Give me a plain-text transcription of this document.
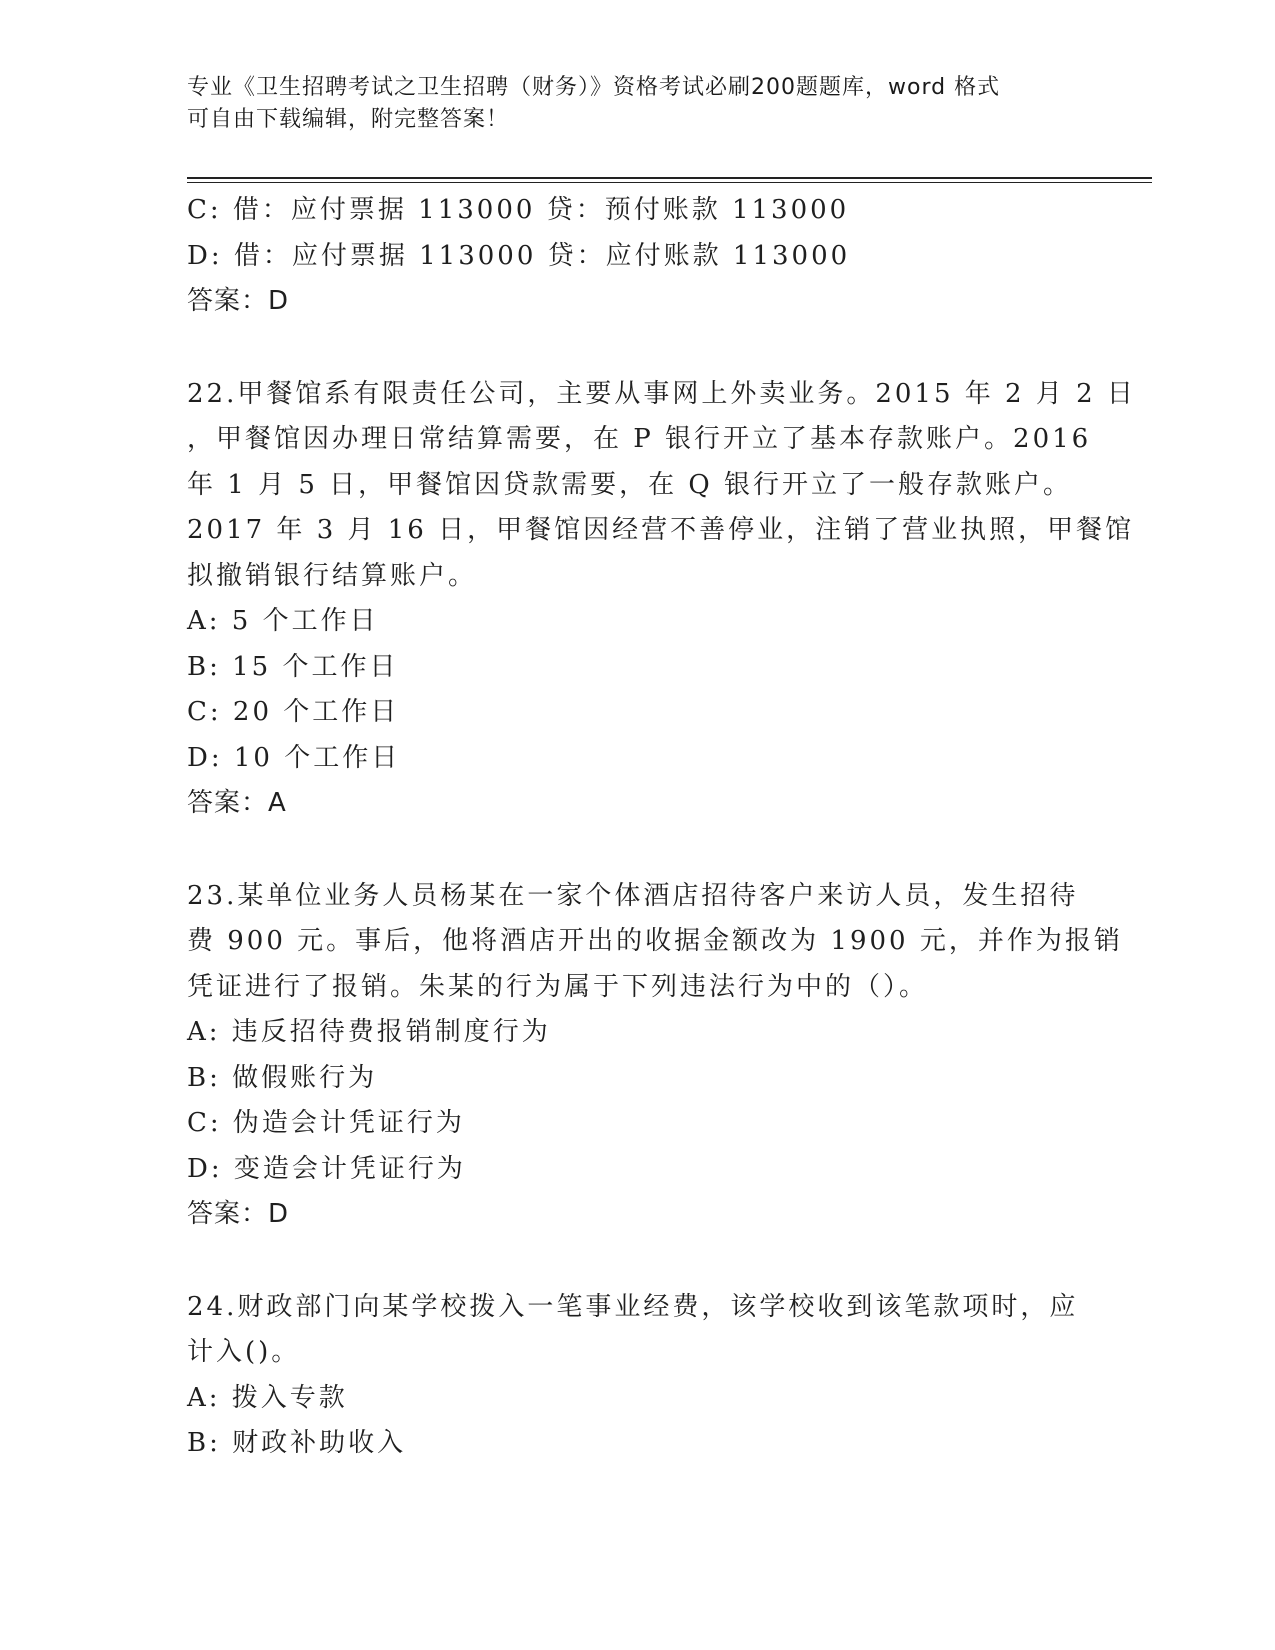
专业《卫生招聘考试之卫生招聘（财务）》资格考试必刷200题题库，word 格式
可自由下载编辑，附完整答案！
C: 借：应付票据 113000 贷：预付账款 113000
D: 借：应付票据 113000 贷：应付账款 113000
答案：D
22.甲餐馆系有限责任公司，主要从事网上外卖业务。2015 年 2 月 2 日
，甲餐馆因办理日常结算需要，在 P 银行开立了基本存款账户。2016
年 1 月 5 日，甲餐馆因贷款需要，在 Q 银行开立了一般存款账户。
2017 年 3 月 16 日，甲餐馆因经营不善停业，注销了营业执照，甲餐馆
拟撤销银行结算账户。
A: 5 个工作日
B: 15 个工作日
C: 20 个工作日
D: 10 个工作日
答案：A
23.某单位业务人员杨某在一家个体酒店招待客户来访人员，发生招待
费 900 元。事后，他将酒店开出的收据金额改为 1900 元，并作为报销
凭证进行了报销。朱某的行为属于下列违法行为中的（）。
A: 违反招待费报销制度行为
B: 做假账行为
C: 伪造会计凭证行为
D: 变造会计凭证行为
答案：D
24.财政部门向某学校拨入一笔事业经费，该学校收到该笔款项时，应
计入()。
A: 拨入专款
B: 财政补助收入
